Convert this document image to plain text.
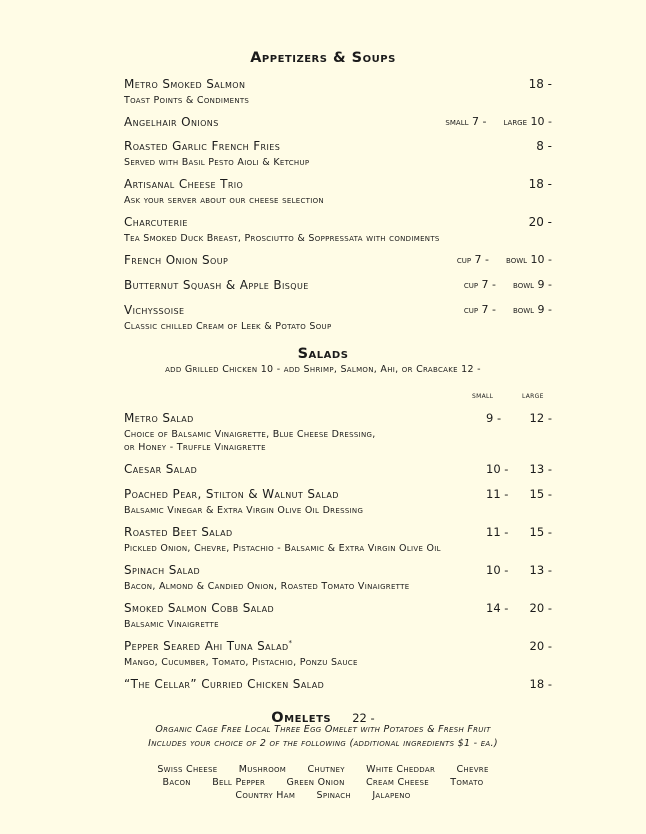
Appetizers & Soups
Metro Smoked Salmon
Toast Points & Condiments
18 -
Angelhair Onions	small 7 - large 10 -
Roasted Garlic French Fries
Served with Basil Pesto Aioli & Ketchup
8 -
Artisanal Cheese Trio
Ask your server about our cheese selection
18 -
Charcuterie
Tea Smoked Duck Breast, Prosciutto & Soppressata with condiments
20 -
French Onion Soup	cup 7 - bowl 10 -
Butternut Squash & Apple Bisque	cup 7 - bowl 9 -
Vichyssoise
Classic chilled Cream of Leek & Potato Soup
cup 7 - bowl 9 -
Salads
add Grilled Chicken 10 - add Shrimp, Salmon, Ahi, or Crabcake 12 -
small	large
Metro Salad
Choice of Balsamic Vinaigrette, Blue Cheese Dressing,
or Honey - Truffle Vinaigrette
9 -	12 -
Caesar Salad	10 -	13 -
Poached Pear, Stilton & Walnut Salad
Balsamic Vinegar & Extra Virgin Olive Oil Dressing
11 -	15 -
Roasted Beet Salad
Pickled Onion, Chevre, Pistachio - Balsamic & Extra Virgin Olive Oil
11 -	15 -
Spinach Salad
Bacon, Almond & Candied Onion, Roasted Tomato Vinaigrette
10 -	13 -
Smoked Salmon Cobb Salad
Balsamic Vinaigrette
14 -	20 -
Pepper Seared Ahi Tuna Salad*
Mango, Cucumber, Tomato, Pistachio, Ponzu Sauce
20 -
“The Cellar” Curried Chicken Salad	18 -
Omelets 22 -
Organic Cage Free Local Three Egg Omelet with Potatoes & Fresh Fruit
Includes your choice of 2 of the following (additional ingredients $1 - ea.)
Swiss Cheese Mushroom Chutney White Cheddar Chevre
Bacon Bell Pepper Green Onion Cream Cheese Tomato
Country Ham Spinach Jalapeno
